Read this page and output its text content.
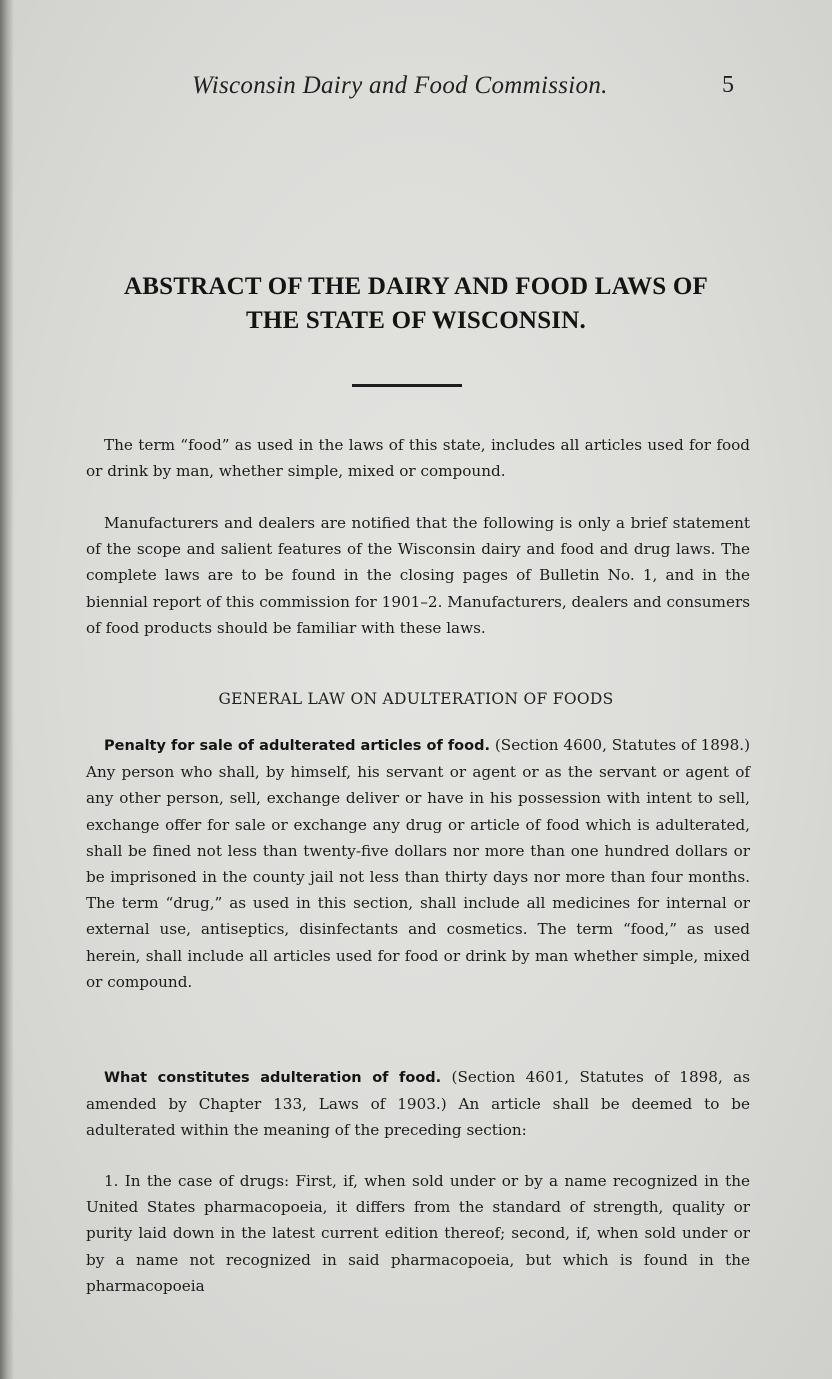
Wisconsin Dairy and Food Commission.	5
ABSTRACT OF THE DAIRY AND FOOD LAWS OF
THE STATE OF WISCONSIN.

The term “food” as used in the laws of this state, includes all articles used for food or drink by man, whether simple, mixed or compound.

Manufacturers and dealers are notified that the following is only a brief statement of the scope and salient features of the Wisconsin dairy and food and drug laws. The complete laws are to be found in the closing pages of Bulletin No. 1, and in the biennial report of this commission for 1901–2. Manufacturers, dealers and consumers of food products should be familiar with these laws.

GENERAL LAW ON ADULTERATION OF FOODS

Penalty for sale of adulterated articles of food. (Section 4600, Statutes of 1898.) Any person who shall, by himself, his servant or agent or as the servant or agent of any other person, sell, exchange deliver or have in his possession with intent to sell, exchange offer for sale or exchange any drug or article of food which is adulterated, shall be fined not less than twenty-five dollars nor more than one hundred dollars or be imprisoned in the county jail not less than thirty days nor more than four months. The term “drug,” as used in this section, shall include all medicines for internal or external use, antiseptics, disinfectants and cosmetics. The term “food,” as used herein, shall include all articles used for food or drink by man whether simple, mixed or compound.

What constitutes adulteration of food. (Section 4601, Statutes of 1898, as amended by Chapter 133, Laws of 1903.) An article shall be deemed to be adulterated within the meaning of the preceding section:

1. In the case of drugs: First, if, when sold under or by a name recognized in the United States pharmacopoeia, it differs from the standard of strength, quality or purity laid down in the latest current edition thereof; second, if, when sold under or by a name not recognized in said pharmacopoeia, but which is found in the pharmacopoeia
